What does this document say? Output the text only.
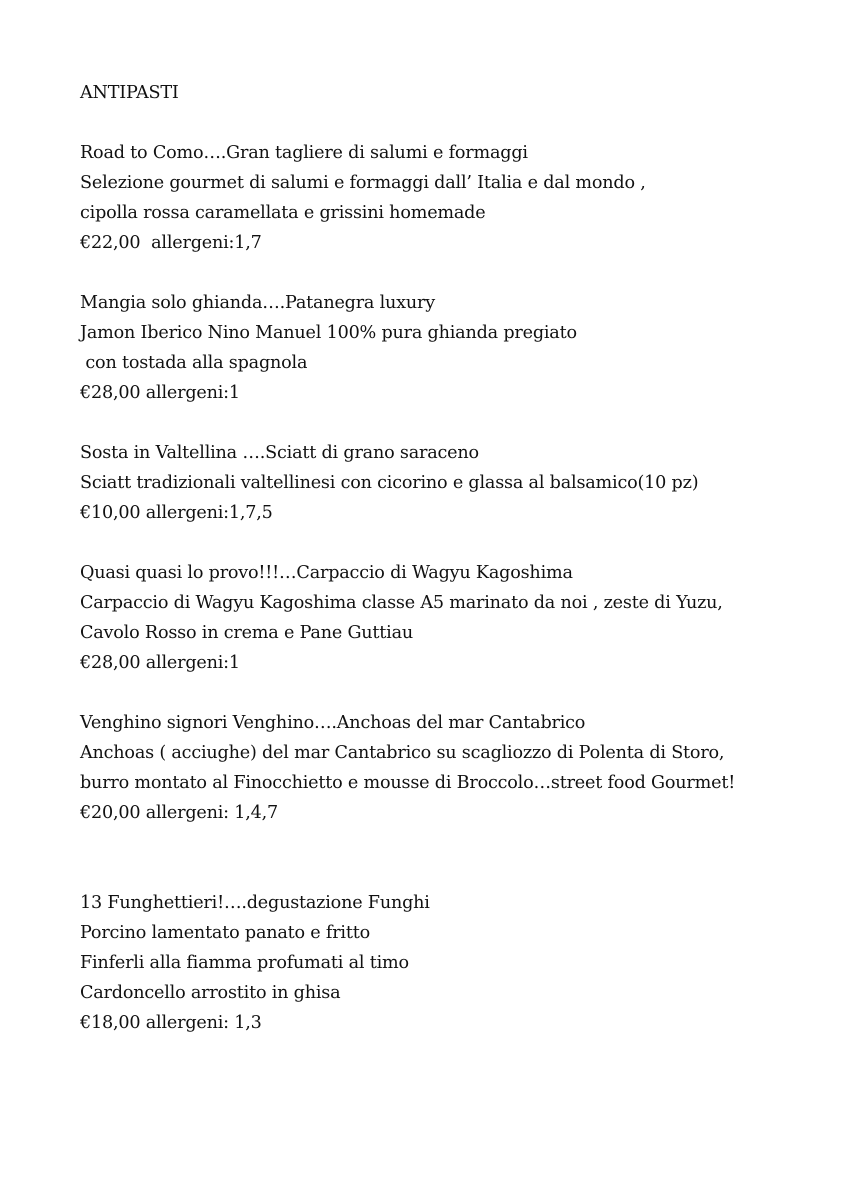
ANTIPASTI

Road to Como….Gran tagliere di salumi e formaggi

Selezione gourmet di salumi e formaggi dall’ Italia e dal mondo ,

cipolla rossa caramellata e grissini homemade

€22,00  allergeni:1,7

Mangia solo ghianda….Patanegra luxury

Jamon Iberico Nino Manuel 100% pura ghianda pregiato

con tostada alla spagnola

€28,00 allergeni:1

Sosta in Valtellina ….Sciatt di grano saraceno

Sciatt tradizionali valtellinesi con cicorino e glassa al balsamico(10 pz)

€10,00 allergeni:1,7,5

Quasi quasi lo provo!!!…Carpaccio di Wagyu Kagoshima

Carpaccio di Wagyu Kagoshima classe A5 marinato da noi , zeste di Yuzu,

Cavolo Rosso in crema e Pane Guttiau

€28,00 allergeni:1

Venghino signori Venghino….Anchoas del mar Cantabrico

Anchoas ( acciughe) del mar Cantabrico su scagliozzo di Polenta di Storo,

burro montato al Finocchietto e mousse di Broccolo…street food Gourmet!

€20,00 allergeni: 1,4,7

13 Funghettieri!….degustazione Funghi

Porcino lamentato panato e fritto

Finferli alla fiamma profumati al timo

Cardoncello arrostito in ghisa

€18,00 allergeni: 1,3
